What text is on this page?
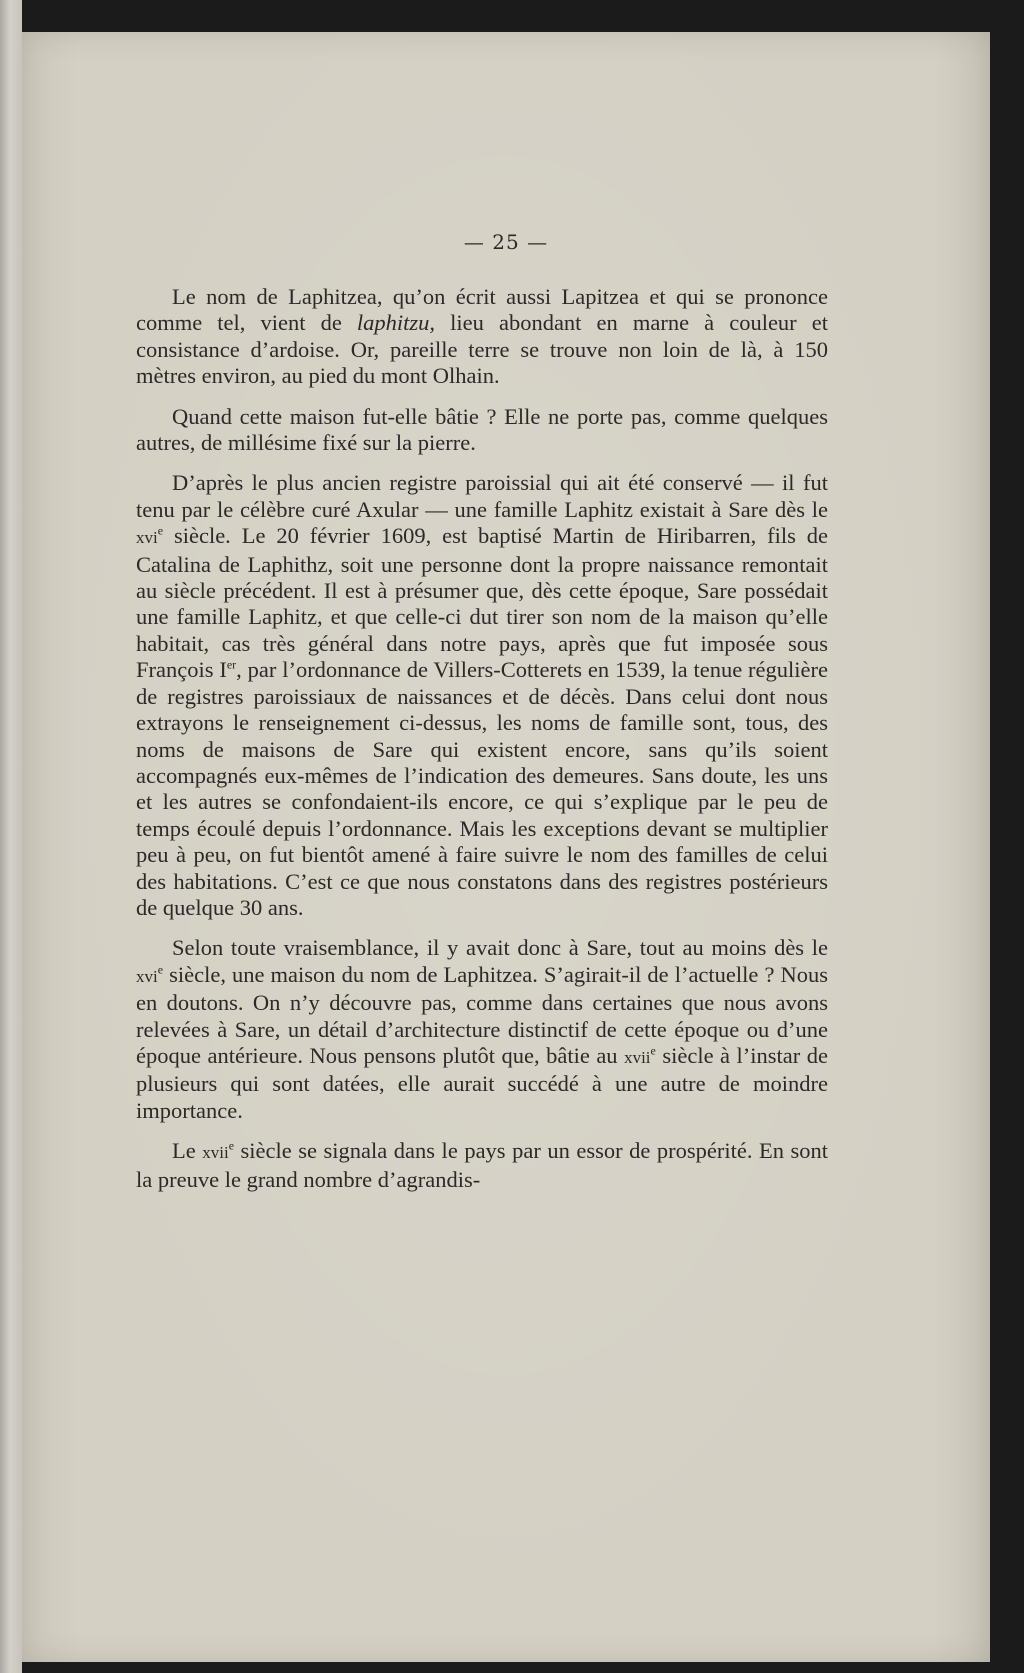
— 25 —

Le nom de Laphitzea, qu’on écrit aussi Lapitzea et qui se prononce comme tel, vient de laphitzu, lieu abondant en marne à couleur et consistance d’ardoise. Or, pareille terre se trouve non loin de là, à 150 mètres environ, au pied du mont Olhain.

Quand cette maison fut-elle bâtie ? Elle ne porte pas, comme quelques autres, de millésime fixé sur la pierre.

D’après le plus ancien registre paroissial qui ait été conservé — il fut tenu par le célèbre curé Axular — une famille Laphitz existait à Sare dès le xvi$^e$ siècle. Le 20 février 1609, est baptisé Martin de Hiribarren, fils de Catalina de Laphithz, soit une personne dont la propre naissance remontait au siècle précédent. Il est à présumer que, dès cette époque, Sare possédait une famille Laphitz, et que celle-ci dut tirer son nom de la maison qu’elle habitait, cas très général dans notre pays, après que fut imposée sous François Ier, par l’ordonnance de Villers-Cotterets en 1539, la tenue régulière de registres paroissiaux de naissances et de décès. Dans celui dont nous extrayons le renseignement ci-dessus, les noms de famille sont, tous, des noms de maisons de Sare qui existent encore, sans qu’ils soient accompagnés eux-mêmes de l’indication des demeures. Sans doute, les uns et les autres se confondaient-ils encore, ce qui s’explique par le peu de temps écoulé depuis l’ordonnance. Mais les exceptions devant se multiplier peu à peu, on fut bientôt amené à faire suivre le nom des familles de celui des habitations. C’est ce que nous constatons dans des registres postérieurs de quelque 30 ans.

Selon toute vraisemblance, il y avait donc à Sare, tout au moins dès le xvi$^e$ siècle, une maison du nom de Laphitzea. S’agirait-il de l’actuelle ? Nous en doutons. On n’y découvre pas, comme dans certaines que nous avons relevées à Sare, un détail d’architecture distinctif de cette époque ou d’une époque antérieure. Nous pensons plutôt que, bâtie au xvii$^e$ siècle à l’instar de plusieurs qui sont datées, elle aurait succédé à une autre de moindre importance.

Le xvii$^e$ siècle se signala dans le pays par un essor de prospérité. En sont la preuve le grand nombre d’agrandis-
